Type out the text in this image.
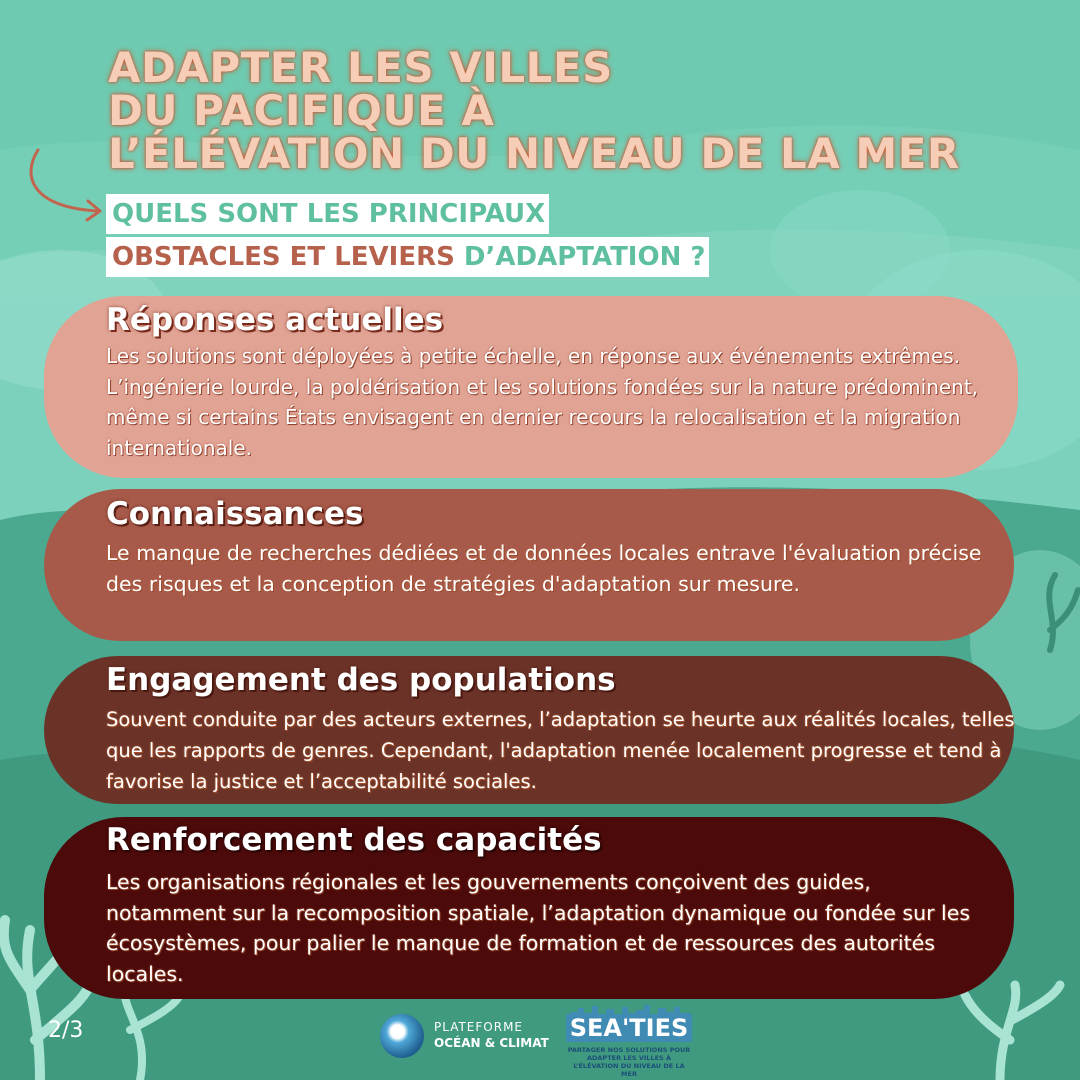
ADAPTER LES VILLES
DU PACIFIQUE À
L’ÉLÉVATION DU NIVEAU DE LA MER
QUELS SONT LES PRINCIPAUX
OBSTACLES ET LEVIERS D’ADAPTATION ?
Réponses actuelles

Les solutions sont déployées à petite échelle, en réponse aux événements extrêmes. L’ingénierie lourde, la poldérisation et les solutions fondées sur la nature prédominent, même si certains États envisagent en dernier recours la relocalisation et la migration internationale.

Connaissances

Le manque de recherches dédiées et de données locales entrave l'évaluation précise des risques et la conception de stratégies d'adaptation sur mesure.

Engagement des populations

Souvent conduite par des acteurs externes, l’adaptation se heurte aux réalités locales, telles que les rapports de genres. Cependant, l'adaptation menée localement progresse et tend à favorise la justice et l’acceptabilité sociales.

Renforcement des capacités

Les organisations régionales et les gouvernements conçoivent des guides, notamment sur la recomposition spatiale, l’adaptation dynamique ou fondée sur les écosystèmes, pour palier le manque de formation et de ressources des autorités locales.

2/3	PLATEFORME
OCÉAN & CLIMAT
SEA'TIES
PARTAGER NOS SOLUTIONS POUR ADAPTER LES VILLES À L’ÉLÉVATION DU NIVEAU DE LA MER
